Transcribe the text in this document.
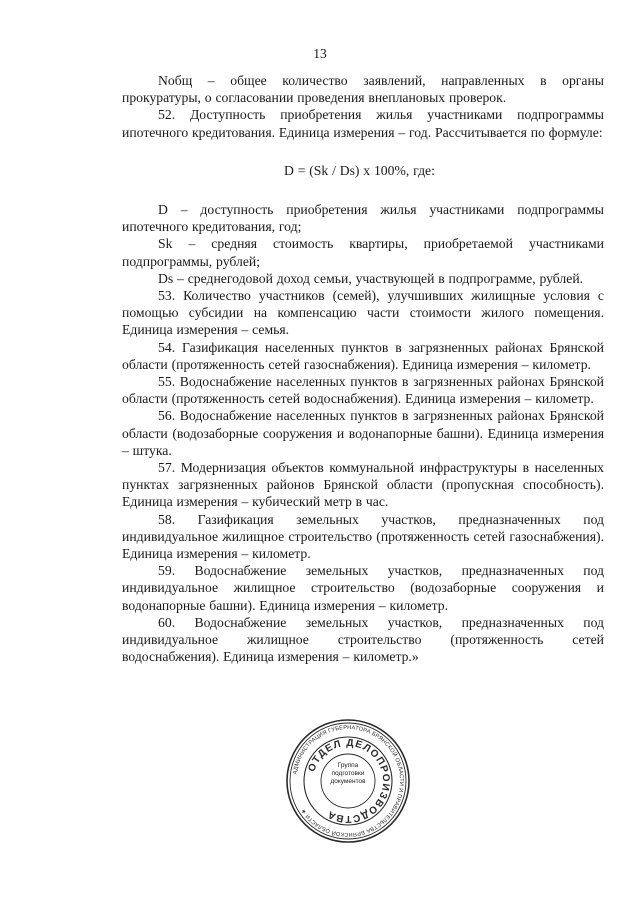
13

Nобщ – общее количество заявлений, направленных в органы прокуратуры, о согласовании проведения внеплановых проверок.

52. Доступность приобретения жилья участниками подпрограммы ипотечного кредитования. Единица измерения – год. Рассчитывается по формуле:

D = (Sk / Ds) x 100%, где:

D – доступность приобретения жилья участниками подпрограммы ипотечного кредитования, год;

Sk – средняя стоимость квартиры, приобретаемой участниками подпрограммы, рублей;

Ds – среднегодовой доход семьи, участвующей в подпрограмме, рублей.

53. Количество участников (семей), улучшивших жилищные условия с помощью субсидии на компенсацию части стоимости жилого помещения. Единица измерения – семья.

54. Газификация населенных пунктов в загрязненных районах Брянской области (протяженность сетей газоснабжения). Единица измерения – километр.

55. Водоснабжение населенных пунктов в загрязненных районах Брянской области (протяженность сетей водоснабжения). Единица измерения – километр.

56. Водоснабжение населенных пунктов в загрязненных районах Брянской области (водозаборные сооружения и водонапорные башни). Единица измерения – штука.

57. Модернизация объектов коммунальной инфраструктуры в населенных пунктах загрязненных районов Брянской области (пропускная способность). Единица измерения – кубический метр в час.

58. Газификация земельных участков, предназначенных под индивидуальное жилищное строительство (протяженность сетей газоснабжения). Единица измерения – километр.

59. Водоснабжение земельных участков, предназначенных под индивидуальное жилищное строительство (водозаборные сооружения и водонапорные башни). Единица измерения – километр.

60. Водоснабжение земельных участков, предназначенных под индивидуальное жилищное строительство (протяженность сетей водоснабжения). Единица измерения – километр.»

АДМИНИСТРАЦИЯ ГУБЕРНАТОРА БРЯНСКОЙ ОБЛАСТИ И ПРАВИТЕЛЬСТВА БРЯНСКОЙ ОБЛАСТИ ★
ОТДЕЛ ДЕЛОПРОИЗВОДСТВА
Группа
подготовки
документов
